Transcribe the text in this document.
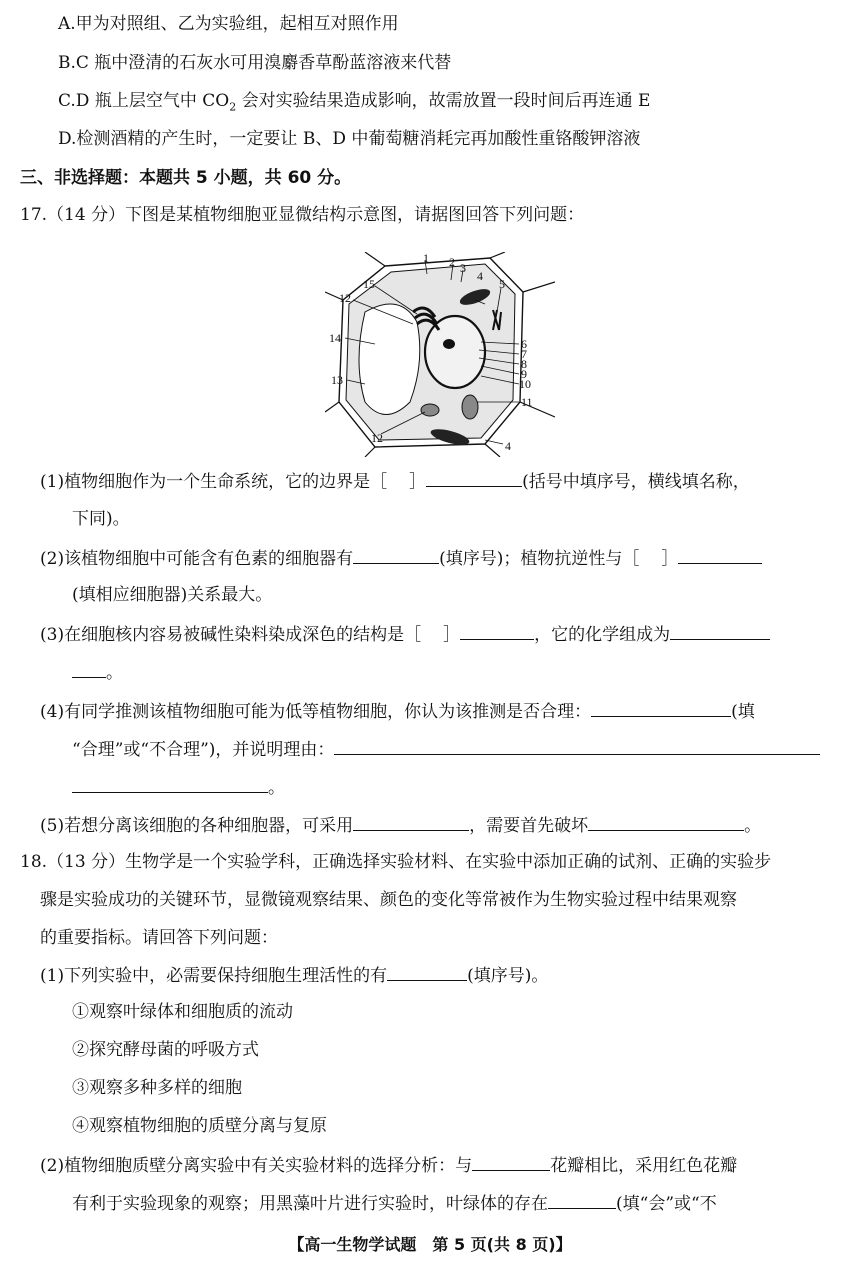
A.甲为对照组、乙为实验组，起相互对照作用
B.C 瓶中澄清的石灰水可用溴麝香草酚蓝溶液来代替
C.D 瓶上层空气中 $CO_2$ 会对实验结果造成影响，故需放置一段时间后再连通 E
D.检测酒精的产生时，一定要让 B、D 中葡萄糖消耗完再加酸性重铬酸钾溶液
三、非选择题：本题共 5 小题，共 60 分。
17.（14 分）下图是某植物细胞亚显微结构示意图，请据图回答下列问题：
1 2 3
4
5
15
12
14
13
6
7
8
9
10
11
12
4
(1)植物细胞作为一个生命系统，它的边界是［ ］	(括号中填序号，横线填名称，
下同)。
(2)该植物细胞中可能含有色素的细胞器有	(填序号)；植物抗逆性与［ ］
(填相应细胞器)关系最大。
(3)在细胞核内容易被碱性染料染成深色的结构是［ ］	，它的化学组成为
。
(4)有同学推测该植物细胞可能为低等植物细胞，你认为该推测是否合理：	(填
“合理”或“不合理”)，并说明理由：
。
(5)若想分离该细胞的各种细胞器，可采用	，需要首先破坏	。
18.（13 分）生物学是一个实验学科，正确选择实验材料、在实验中添加正确的试剂、正确的实验步
骤是实验成功的关键环节，显微镜观察结果、颜色的变化等常被作为生物实验过程中结果观察
的重要指标。请回答下列问题：
(1)下列实验中，必需要保持细胞生理活性的有	(填序号)。
①观察叶绿体和细胞质的流动
②探究酵母菌的呼吸方式
③观察多种多样的细胞
④观察植物细胞的质壁分离与复原
(2)植物细胞质壁分离实验中有关实验材料的选择分析：与	花瓣相比，采用红色花瓣
有利于实验现象的观察；用黑藻叶片进行实验时，叶绿体的存在	(填“会”或“不
【高一生物学试题　第 5 页(共 8 页)】
